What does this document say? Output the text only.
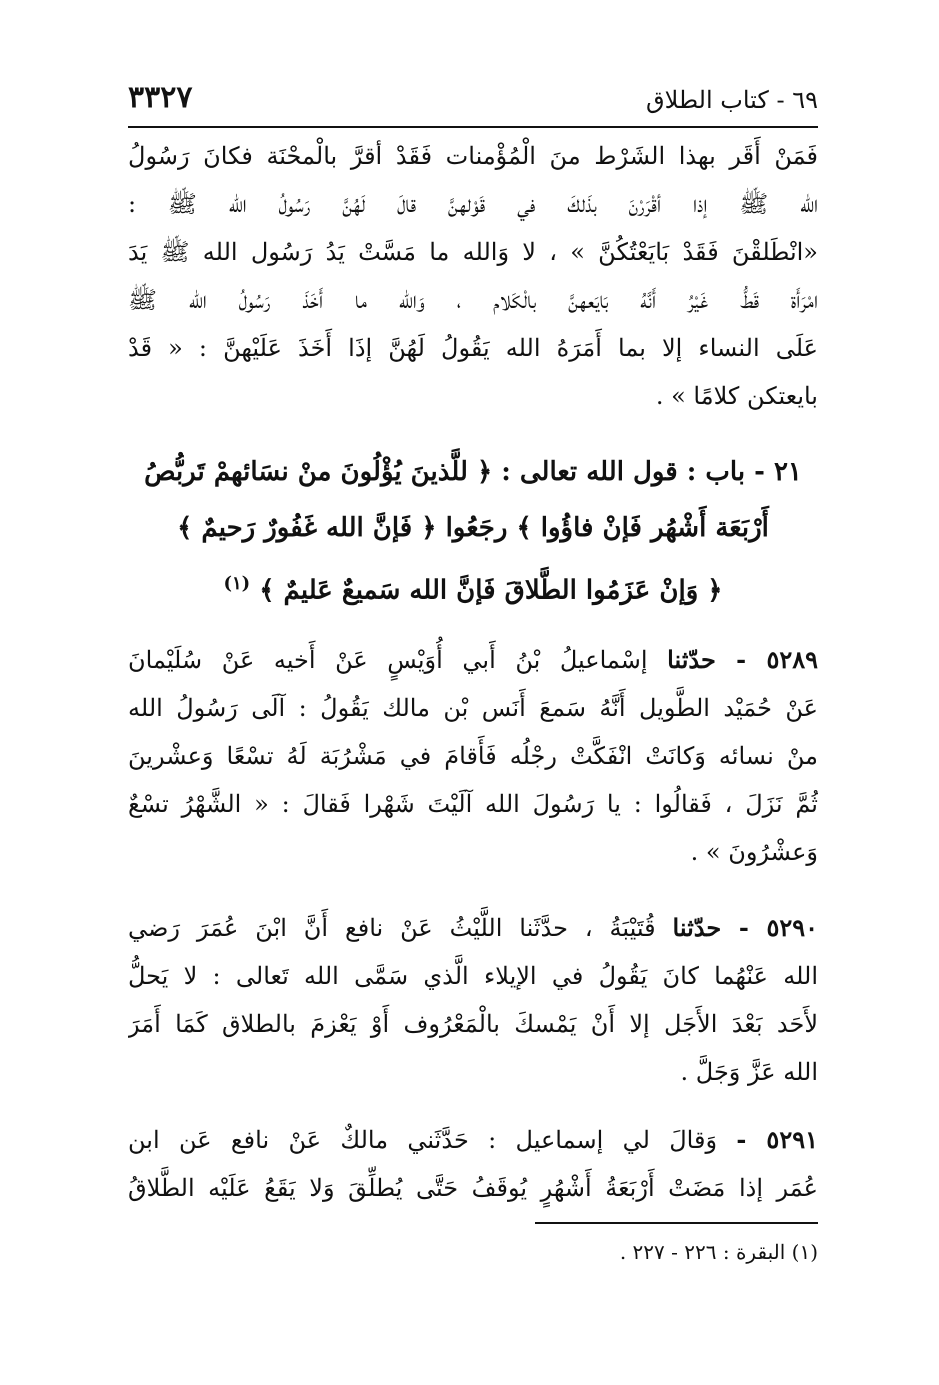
٣٣٢٧	٦٩ - كتاب الطلاق
فَمَنْ أَقَر بهذا الشَرْط منَ الْمُؤْمنات فَقَدْ أقرَّ بالْمحْنَة فكانَ رَسُولُ
الله ﷺ إذا أقْرَرْنَ بذَلكَ في قَوْلهنَّ قالَ لَهُنَّ رَسُولُ الله ﷺ :
«انْطَلقْنَ فَقَدْ بَايَعْتُكُنَّ » ، لا وَالله ما مَسَّتْ يَدُ رَسُول الله ﷺ يَدَ
امْرَأَة قَطُّ غَيْرُ أَنَّهُ بَايَعهنَّ بالْكَلام ، وَالله ما أَخَذَ رَسُولُ الله ﷺ
عَلَى النساء إلا بما أَمَرَهُ الله يَقُولُ لَهُنَّ إذَا أَخَذَ عَلَيْهنَّ : « قَدْ
بايعتكن كلامًا » .
٢١ - باب : قول الله تعالى : ﴿ للَّذينَ يُؤْلُونَ منْ نسَائهمْ تَربُّصُ
أَرْبَعَة أَشْهُر فَإنْ فاؤُوا ﴾ رجَعُوا ﴿ فَإنَّ الله غَفُورٌ رَحيمٌ ﴾
﴿ وَإنْ عَزَمُوا الطَّلاقَ فَإنَّ الله سَميعٌ عَليمٌ ﴾ $^{(١)}$
٥٢٨٩ - حدّثنا إسْماعيلُ بْنُ أَبي أُوَيْسٍ عَنْ أَخيه عَنْ سُلَيْمانَ
عَنْ حُمَيْد الطَّويل أَنَّهُ سَمعَ أَنَس بْن مالك يَقُولُ : آلَى رَسُولُ الله
منْ نسائه وَكانَتْ انْفَكَّتْ رجْلُه فَأَقامَ في مَشْرُبَة لَهُ تسْعًا وَعشْرينَ
ثُمَّ نَزَلَ ، فَقالُوا : يا رَسُولَ الله آلَيْتَ شَهْرا فَقالَ : « الشَّهْرُ تسْعٌ
وَعشْرُونَ » .
٥٢٩٠ - حدّثنا قُتَيْبَةُ ، حدَّثَنا اللَّيْثُ عَنْ نافع أَنَّ ابْنَ عُمَرَ رَضي
الله عَنْهُما كانَ يَقُولُ في الإيلاء الَّذي سَمَّى الله تَعالى : لا يَحلُّ
لأَحَد بَعْدَ الأَجَل إلا أَنْ يَمْسكَ بالْمَعْرُوف أَوْ يَعْزمَ بالطلاق كَمَا أَمَرَ
الله عَزَّ وَجَلَّ .
٥٢٩١ - وَقالَ لي إسماعيل : حَدَّثَني مالكٌ عَنْ نافع عَن ابن
عُمَر إذا مَضَتْ أَرْبَعَةُ أَشْهُرٍ يُوقَفُ حَتَّى يُطلِّقَ وَلا يَقَعُ عَلَيْه الطَّلاقُ
(١) البقرة : ٢٢٦ - ٢٢٧ .
